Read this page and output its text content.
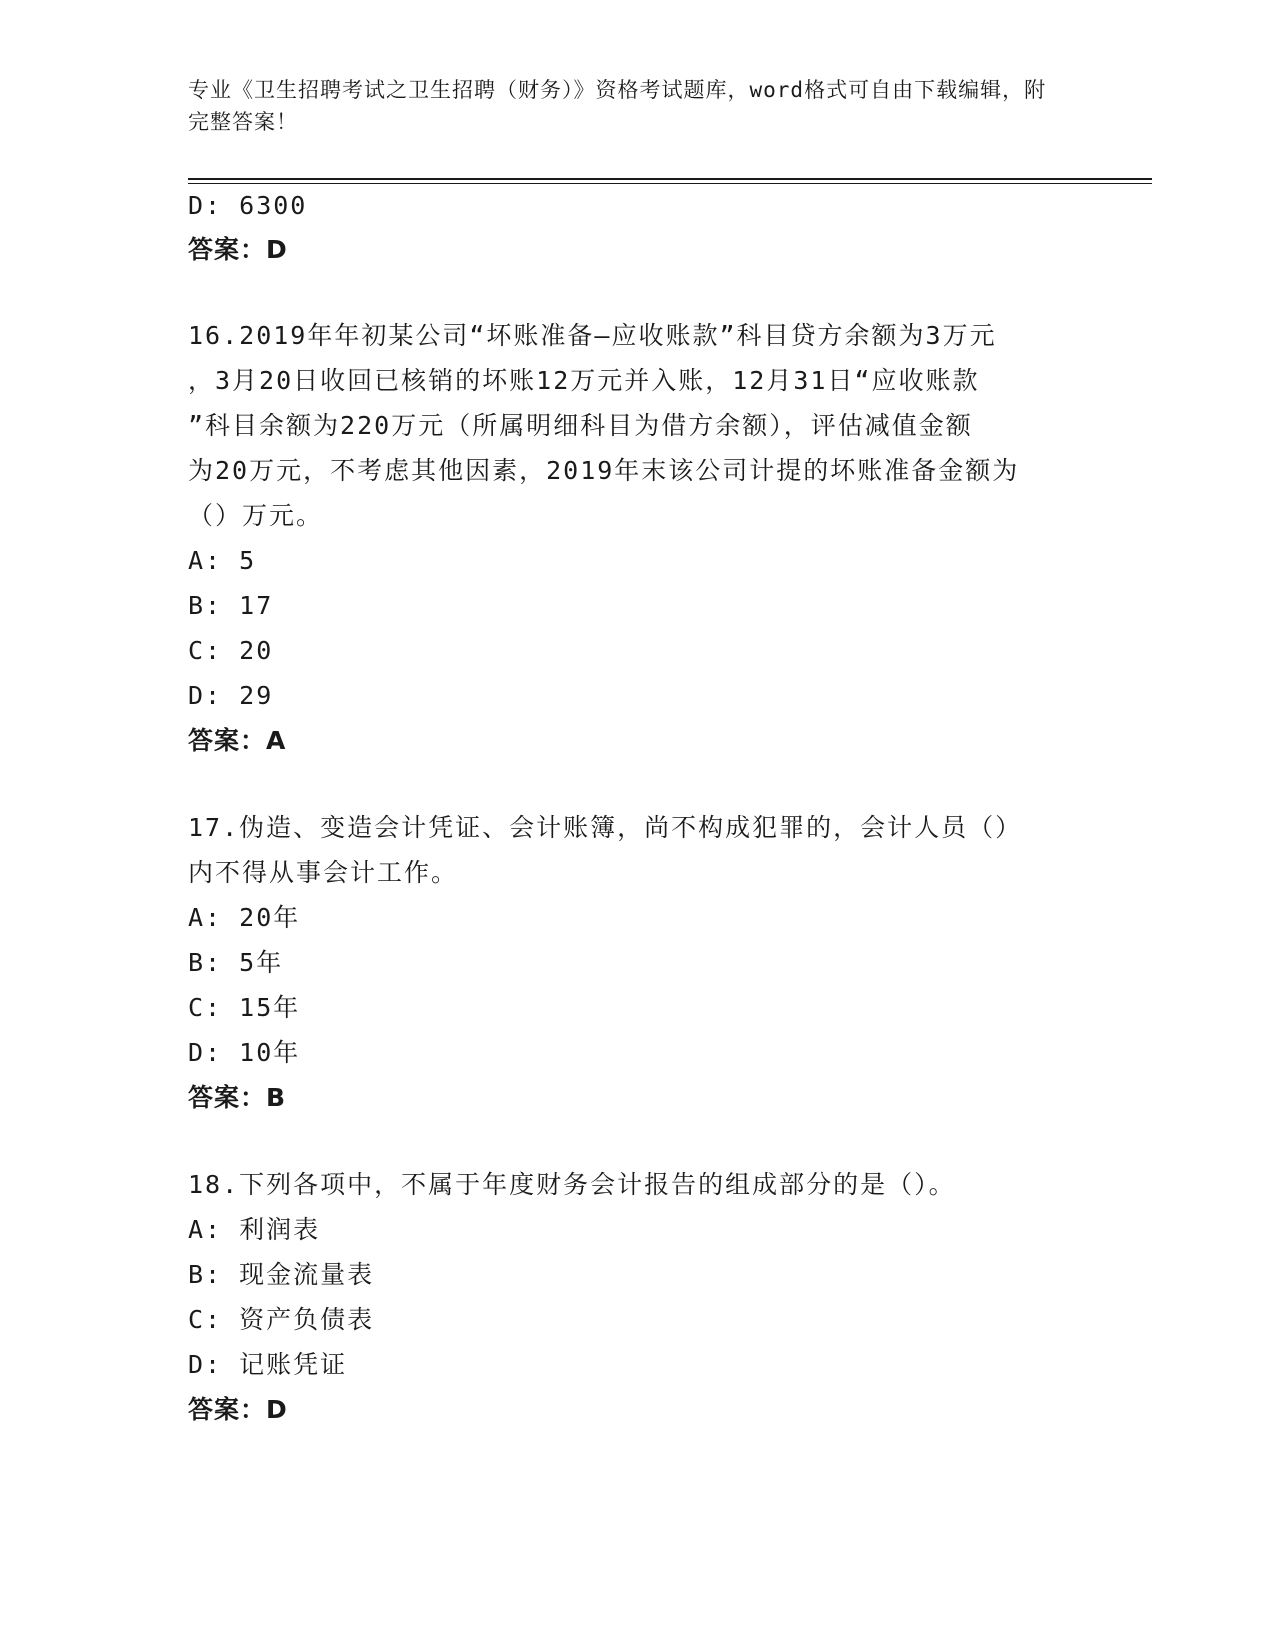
专业《卫生招聘考试之卫生招聘（财务）》资格考试题库，word格式可自由下载编辑，附完整答案！
D: 6300
答案：D
16.2019年年初某公司“坏账准备—应收账款”科目贷方余额为3万元
，3月20日收回已核销的坏账12万元并入账，12月31日“应收账款
”科目余额为220万元（所属明细科目为借方余额），评估减值金额
为20万元，不考虑其他因素，2019年末该公司计提的坏账准备金额为
（）万元。
A: 5
B: 17
C: 20
D: 29
答案：A
17.伪造、变造会计凭证、会计账簿，尚不构成犯罪的，会计人员（）
内不得从事会计工作。
A: 20年
B: 5年
C: 15年
D: 10年
答案：B
18.下列各项中，不属于年度财务会计报告的组成部分的是（）。
A: 利润表
B: 现金流量表
C: 资产负债表
D: 记账凭证
答案：D
